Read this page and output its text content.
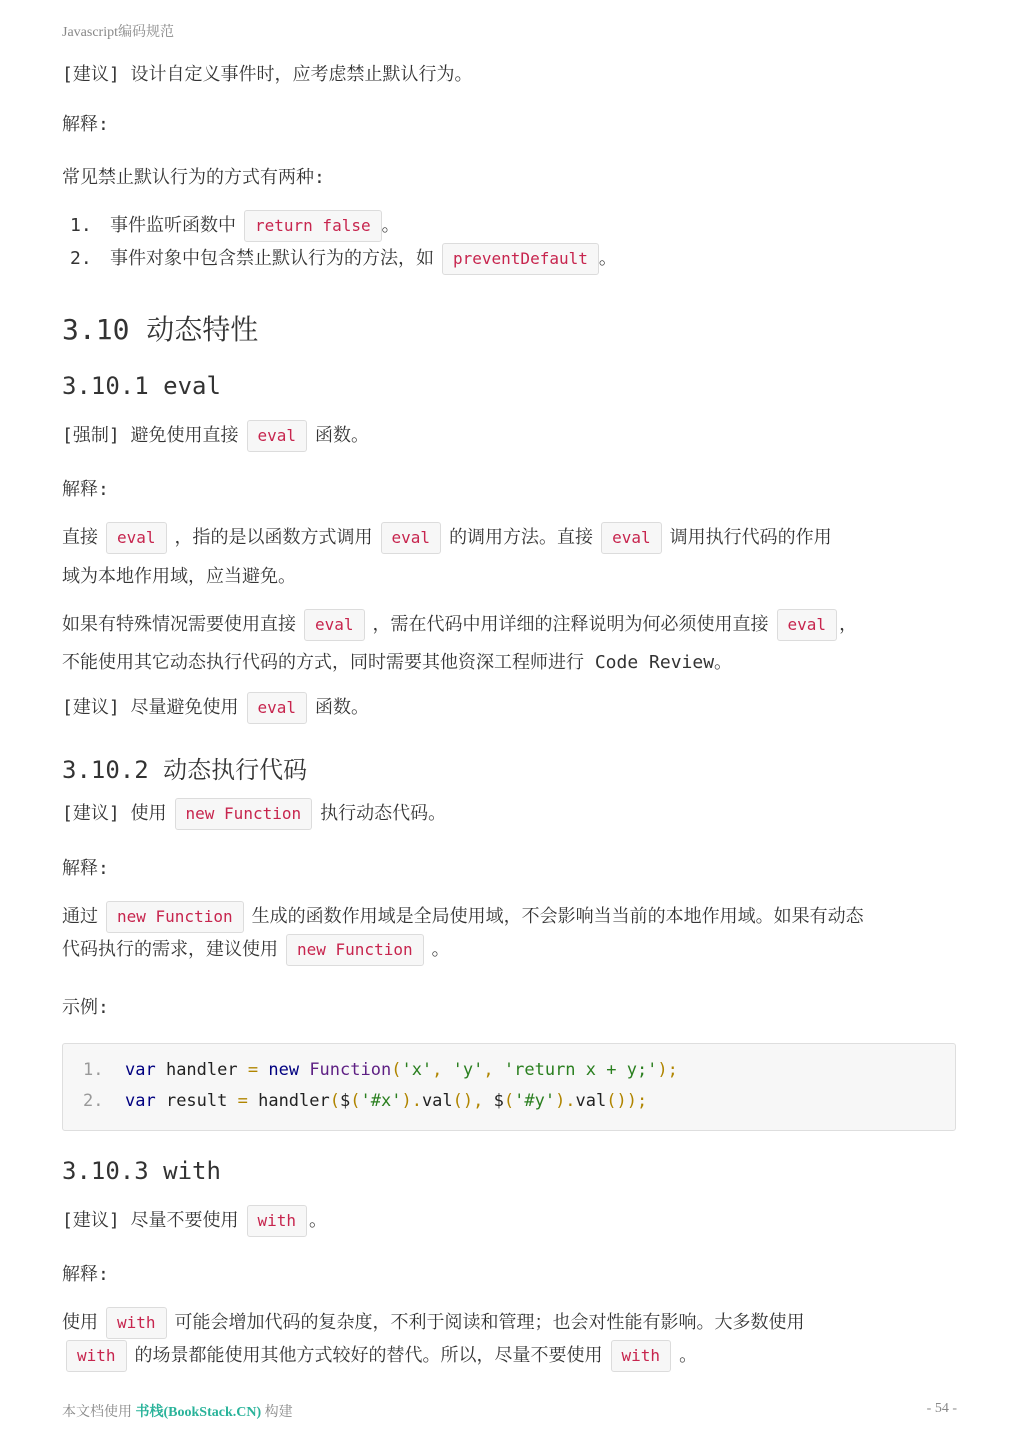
Javascript编码规范
[建议] 设计自定义事件时，应考虑禁止默认行为。
解释:
常见禁止默认行为的方式有两种:
1. 事件监听函数中 return false 。
2. 事件对象中包含禁止默认行为的方法，如 preventDefault 。
3.10 动态特性
3.10.1 eval
[强制] 避免使用直接 eval 函数。
解释:
直接 eval ，指的是以函数方式调用 eval 的调用方法。直接 eval 调用执行代码的作用
域为本地作用域，应当避免。
如果有特殊情况需要使用直接 eval ，需在代码中用详细的注释说明为何必须使用直接 eval ，
不能使用其它动态执行代码的方式，同时需要其他资深工程师进行 Code Review。
[建议] 尽量避免使用 eval 函数。
3.10.2 动态执行代码
[建议] 使用 new Function 执行动态代码。
解释:
通过 new Function 生成的函数作用域是全局使用域，不会影响当当前的本地作用域。如果有动态
代码执行的需求，建议使用 new Function 。
示例:
1. var handler = new Function('x', 'y', 'return x + y;');
2. var result = handler($('#x').val(), $('#y').val());
3.10.3 with
[建议] 尽量不要使用 with 。
解释:
使用 with 可能会增加代码的复杂度，不利于阅读和管理；也会对性能有影响。大多数使用
with 的场景都能使用其他方式较好的替代。所以，尽量不要使用 with 。
本文档使用 书栈(BookStack.CN) 构建	- 54 -
